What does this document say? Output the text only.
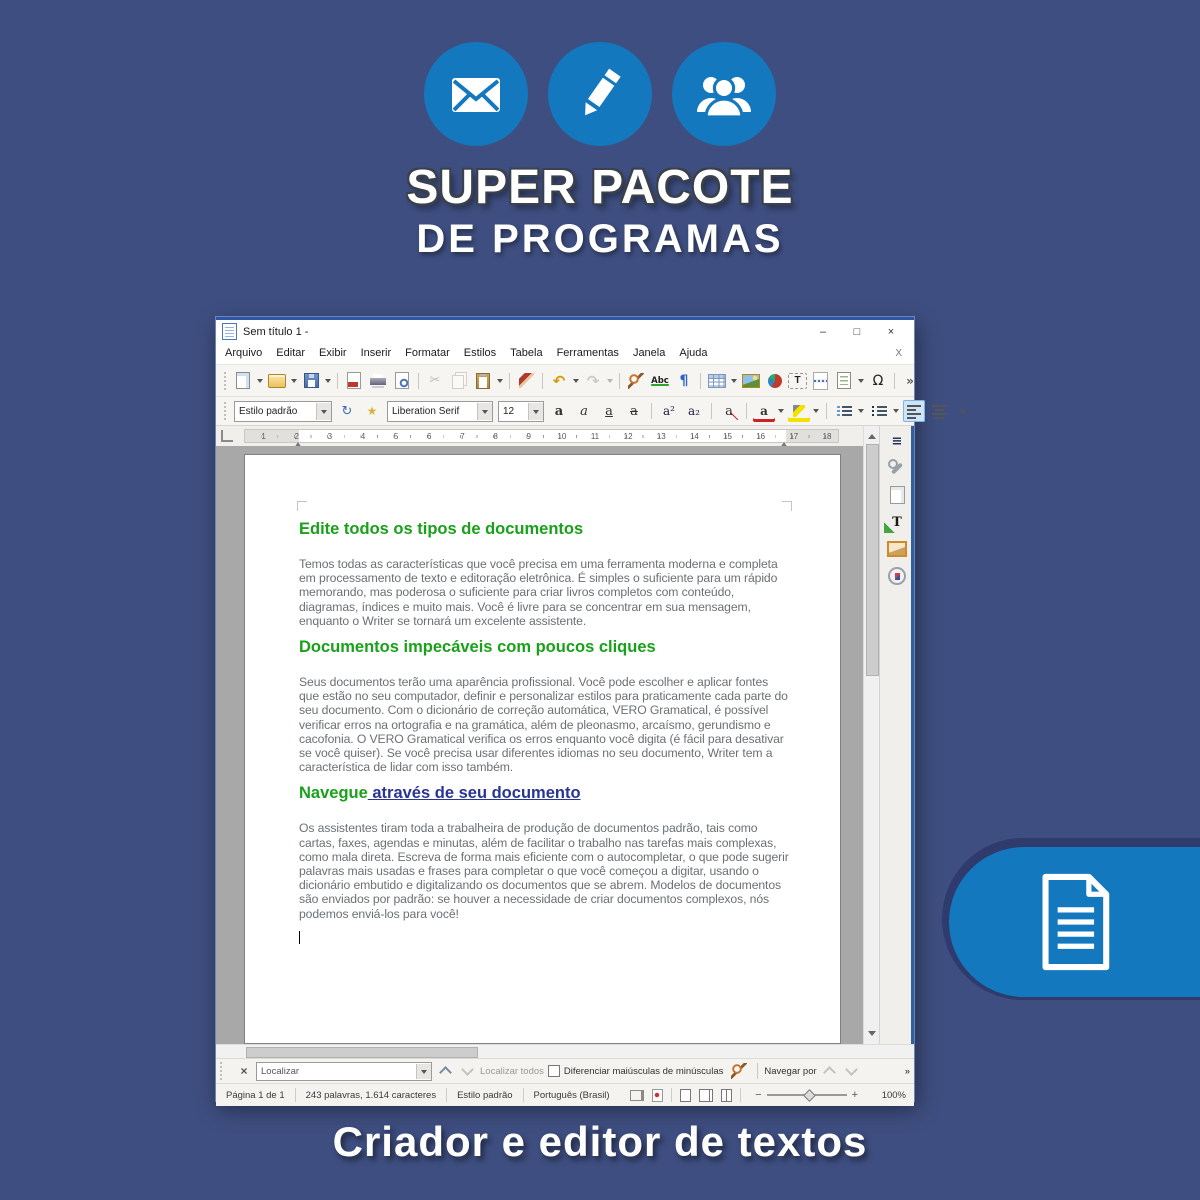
SUPER PACOTE
DE PROGRAMAS
Criador e editor de textos
Sem título 1 -	–	□	×
Arquivo	Editar	Exibir	Inserir	Formatar	Estilos	Tabela	Ferramentas	Janela	Ajuda	X
✂	↶	↷	Abc ¶	T	Ω	»
Estilo padrão	↻	★	Liberation Serif	12	a	a	a	a	a²	a₂	a	a	»
1	2	3	4	5	6	7	8	9	10	11	12	13	14	15	16	17	18
Edite todos os tipos de documentos

Temos todas as características que você precisa em uma ferramenta moderna e completa em processamento de texto e editoração eletrônica. É simples o suficiente para um rápido memorando, mas poderosa o suficiente para criar livros completos com conteúdo, diagramas, índices e muito mais. Você é livre para se concentrar em sua mensagem, enquanto o Writer se tornará um excelente assistente.

Documentos impecáveis com poucos cliques

Seus documentos terão uma aparência profissional. Você pode escolher e aplicar fontes que estão no seu computador, definir e personalizar estilos para praticamente cada parte do seu documento. Com o dicionário de correção automática, VERO Gramatical, é possível verificar erros na ortografia e na gramática, além de pleonasmo, arcaísmo, gerundismo e cacofonia. O VERO Gramatical verifica os erros enquanto você digita (é fácil para desativar se você quiser). Se você precisa usar diferentes idiomas no seu documento, Writer tem a característica de lidar com isso também.

Navegue através de seu documento

Os assistentes tiram toda a trabalheira de produção de documentos padrão, tais como cartas, faxes, agendas e minutas, além de facilitar o trabalho nas tarefas mais complexas, como mala direta. Escreva de forma mais eficiente com o autocompletar, o que pode sugerir palavras mais usadas e frases para completar o que você começou a digitar, usando o dicionário embutido e digitalizando os documentos que se abrem. Modelos de documentos são enviados por padrão: se houver a necessidade de criar documentos complexos, nós podemos enviá-los para você!

≡
T
×	Localizar	Localizar todos Diferenciar maiúsculas de minúsculas	Navegar por	»
Página 1 de 1	243 palavras, 1.614 caracteres	Estilo padrão	Português (Brasil)	−	+	100%
